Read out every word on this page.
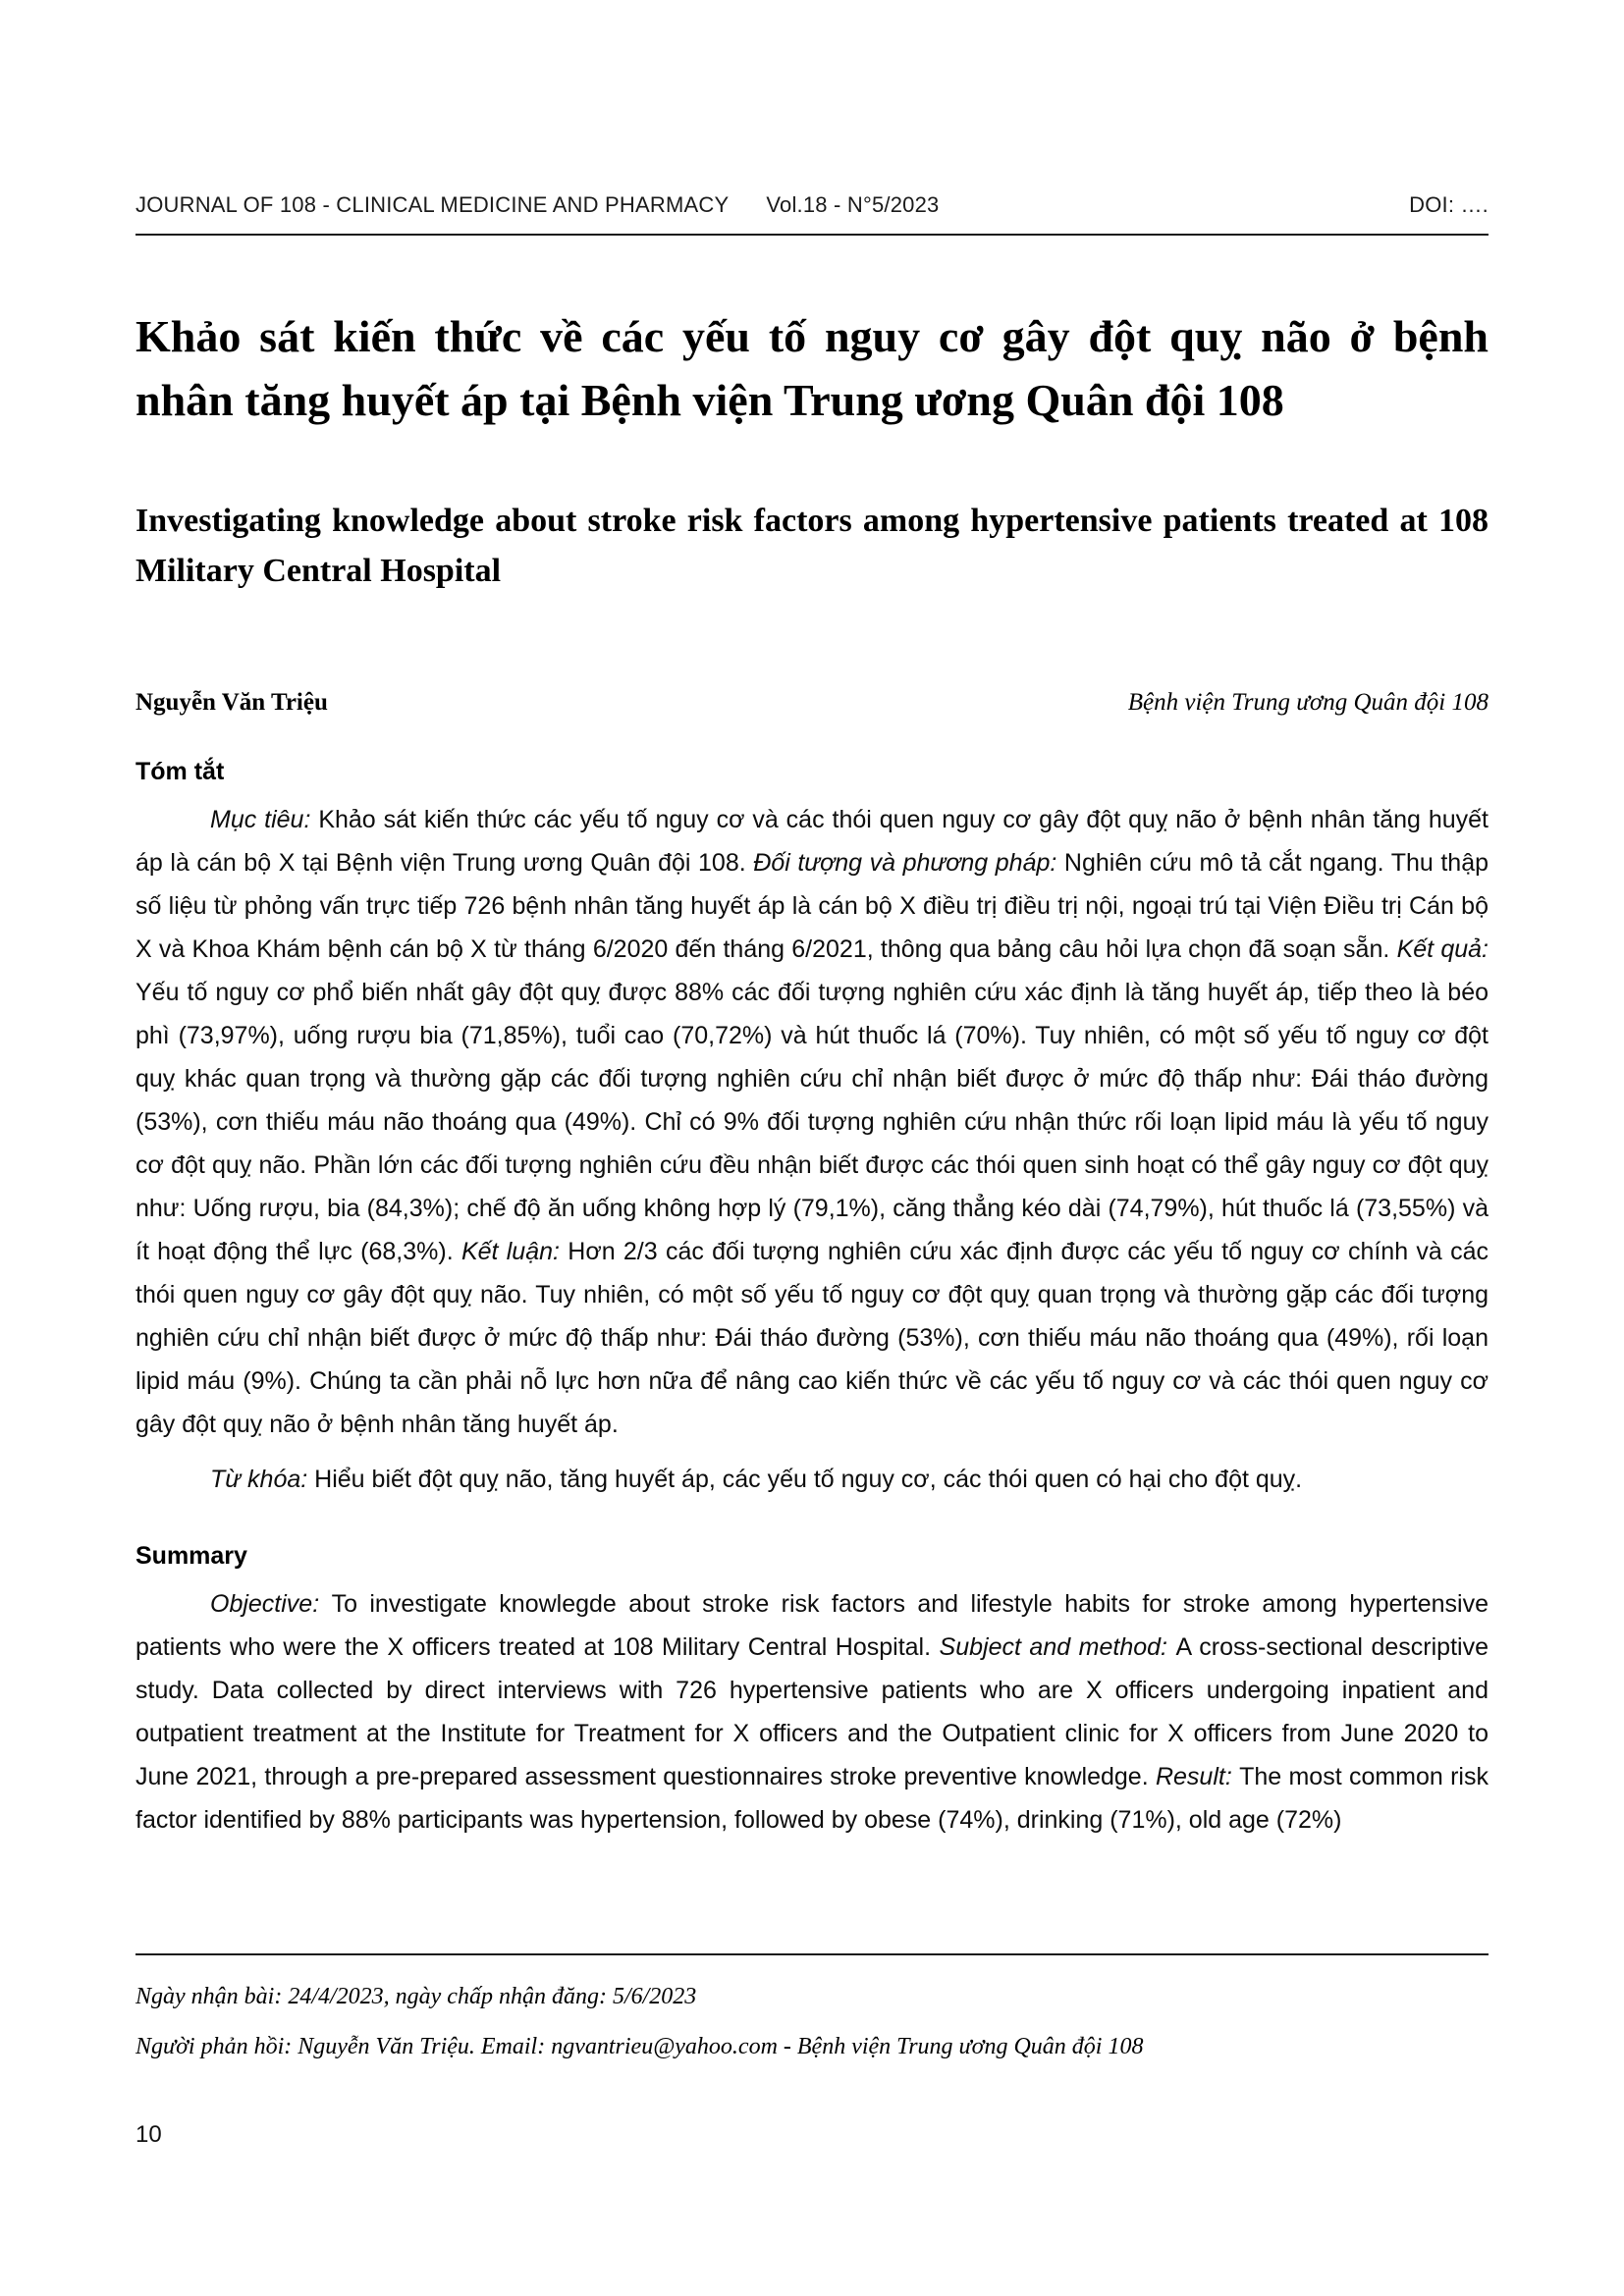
JOURNAL OF 108 - CLINICAL MEDICINE AND PHARMACY Vol.18 - N°5/2023	DOI: ….
Khảo sát kiến thức về các yếu tố nguy cơ gây đột quỵ não ở bệnh nhân tăng huyết áp tại Bệnh viện Trung ương Quân đội 108
Investigating knowledge about stroke risk factors among hypertensive patients treated at 108 Military Central Hospital
Nguyễn Văn Triệu	Bệnh viện Trung ương Quân đội 108
Tóm tắt

Mục tiêu: Khảo sát kiến thức các yếu tố nguy cơ và các thói quen nguy cơ gây đột quỵ não ở bệnh nhân tăng huyết áp là cán bộ X tại Bệnh viện Trung ương Quân đội 108. Đối tượng và phương pháp: Nghiên cứu mô tả cắt ngang. Thu thập số liệu từ phỏng vấn trực tiếp 726 bệnh nhân tăng huyết áp là cán bộ X điều trị điều trị nội, ngoại trú tại Viện Điều trị Cán bộ X và Khoa Khám bệnh cán bộ X từ tháng 6/2020 đến tháng 6/2021, thông qua bảng câu hỏi lựa chọn đã soạn sẵn. Kết quả: Yếu tố nguy cơ phổ biến nhất gây đột quỵ được 88% các đối tượng nghiên cứu xác định là tăng huyết áp, tiếp theo là béo phì (73,97%), uống rượu bia (71,85%), tuổi cao (70,72%) và hút thuốc lá (70%). Tuy nhiên, có một số yếu tố nguy cơ đột quỵ khác quan trọng và thường gặp các đối tượng nghiên cứu chỉ nhận biết được ở mức độ thấp như: Đái tháo đường (53%), cơn thiếu máu não thoáng qua (49%). Chỉ có 9% đối tượng nghiên cứu nhận thức rối loạn lipid máu là yếu tố nguy cơ đột quỵ não. Phần lớn các đối tượng nghiên cứu đều nhận biết được các thói quen sinh hoạt có thể gây nguy cơ đột quỵ như: Uống rượu, bia (84,3%); chế độ ăn uống không hợp lý (79,1%), căng thẳng kéo dài (74,79%), hút thuốc lá (73,55%) và ít hoạt động thể lực (68,3%). Kết luận: Hơn 2/3 các đối tượng nghiên cứu xác định được các yếu tố nguy cơ chính và các thói quen nguy cơ gây đột quỵ não. Tuy nhiên, có một số yếu tố nguy cơ đột quỵ quan trọng và thường gặp các đối tượng nghiên cứu chỉ nhận biết được ở mức độ thấp như: Đái tháo đường (53%), cơn thiếu máu não thoáng qua (49%), rối loạn lipid máu (9%). Chúng ta cần phải nỗ lực hơn nữa để nâng cao kiến thức về các yếu tố nguy cơ và các thói quen nguy cơ gây đột quỵ não ở bệnh nhân tăng huyết áp.

Từ khóa: Hiểu biết đột quỵ não, tăng huyết áp, các yếu tố nguy cơ, các thói quen có hại cho đột quỵ.

Summary

Objective: To investigate knowlegde about stroke risk factors and lifestyle habits for stroke among hypertensive patients who were the X officers treated at 108 Military Central Hospital. Subject and method: A cross-sectional descriptive study. Data collected by direct interviews with 726 hypertensive patients who are X officers undergoing inpatient and outpatient treatment at the Institute for Treatment for X officers and the Outpatient clinic for X officers from June 2020 to June 2021, through a pre-prepared assessment questionnaires stroke preventive knowledge. Result: The most common risk factor identified by 88% participants was hypertension, followed by obese (74%), drinking (71%), old age (72%)

Ngày nhận bài: 24/4/2023, ngày chấp nhận đăng: 5/6/2023

Người phản hồi: Nguyễn Văn Triệu. Email: ngvantrieu@yahoo.com - Bệnh viện Trung ương Quân đội 108

10
